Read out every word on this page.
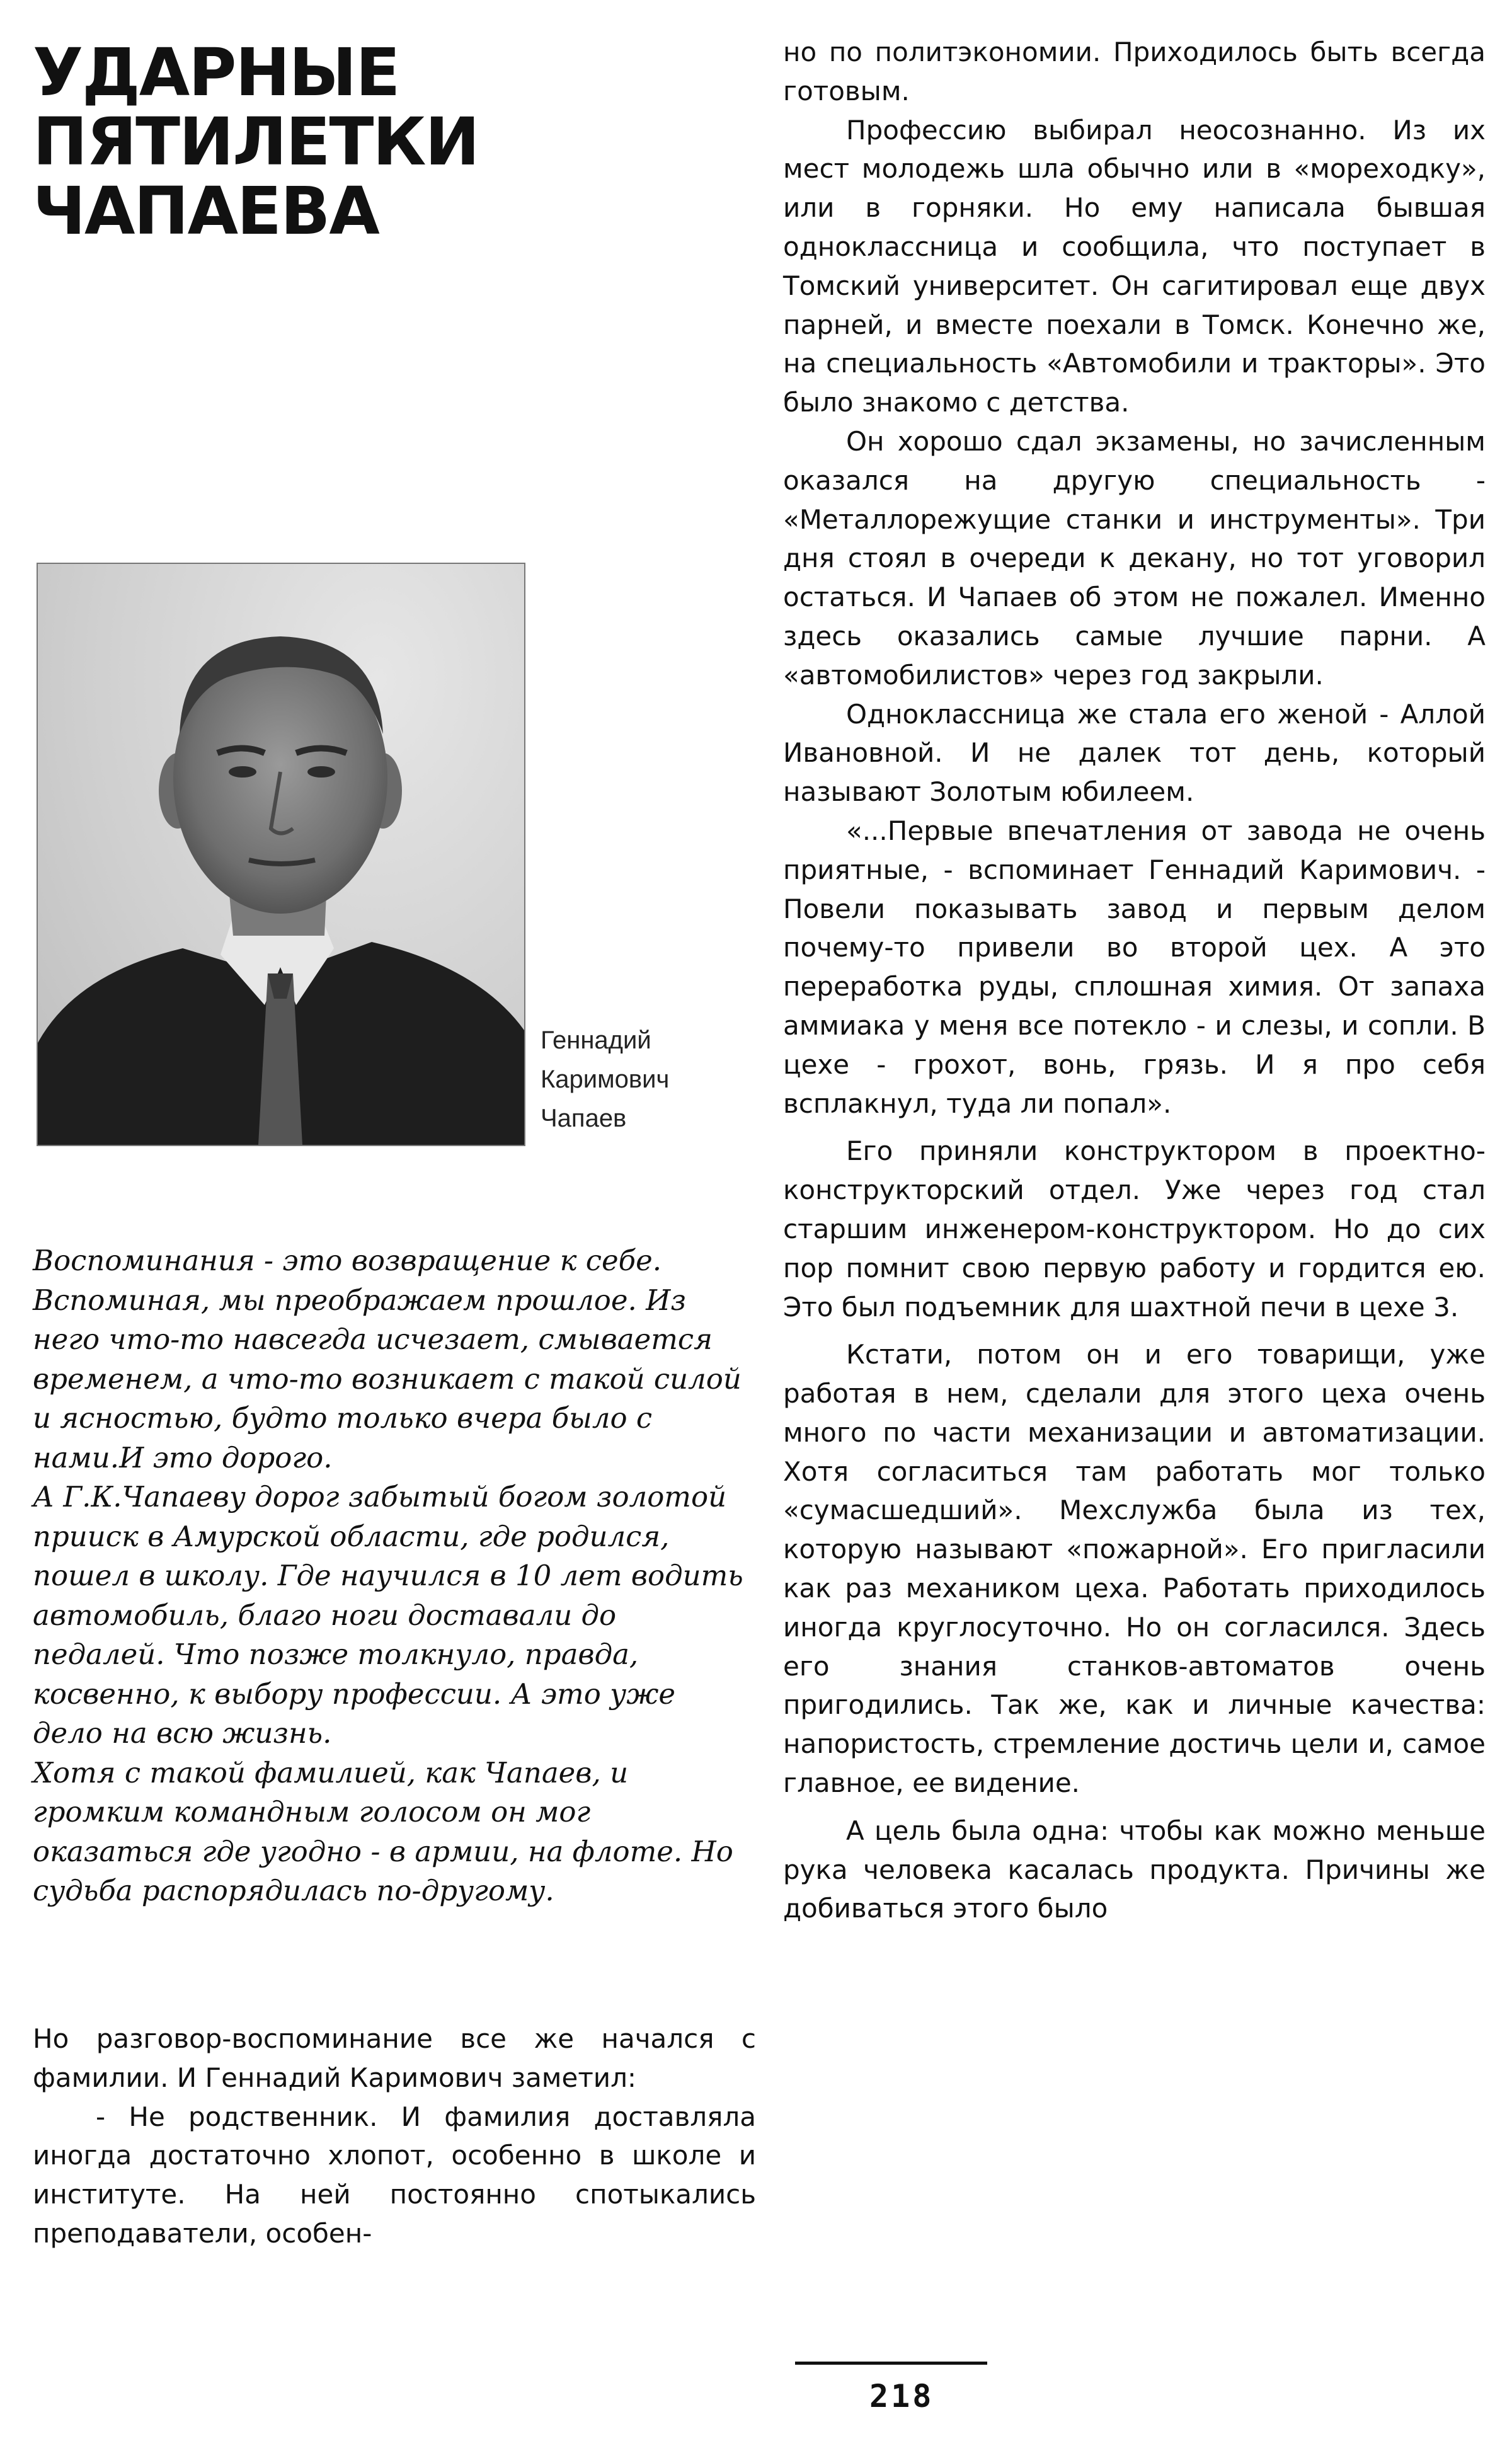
УДАРНЫЕ
ПЯТИЛЕТКИ
ЧАПАЕВА
Геннадий
Каримович
Чапаев

Воспоминания - это возвращение к себе. Вспоминая, мы преображаем прошлое. Из него что-то навсегда исчезает, смывается временем, а что-то возникает с такой силой и ясностью, будто только вчера было с нами.И это дорого.

А Г.К.Чапаеву дорог забытый богом золотой прииск в Амурской области, где родился, пошел в школу. Где научился в 10 лет водить автомобиль, благо ноги доставали до педалей. Что позже толкнуло, правда, косвенно, к выбору профессии. А это уже дело на всю жизнь.

Хотя с такой фамилией, как Чапаев, и громким командным голосом он мог оказаться где угодно - в армии, на флоте. Но судьба распорядилась по-другому.

Но разговор-воспоминание все же начался с фамилии. И Геннадий Каримович заметил:

- Не родственник. И фамилия доставляла иногда достаточно хлопот, особенно в школе и институте. На ней постоянно спотыкались преподаватели, особен-

но по политэкономии. Приходилось быть всегда готовым.

Профессию выбирал неосознанно. Из их мест молодежь шла обычно или в «мореходку», или в горняки. Но ему написала бывшая одноклассница и сообщила, что поступает в Томский университет. Он сагитировал еще двух парней, и вместе поехали в Томск. Конечно же, на специальность «Автомобили и тракторы». Это было знакомо с детства.

Он хорошо сдал экзамены, но зачисленным оказался на другую специальность - «Металлорежущие станки и инструменты». Три дня стоял в очереди к декану, но тот уговорил остаться. И Чапаев об этом не пожалел. Именно здесь оказались самые лучшие парни. А «автомобилистов» через год закрыли.

Одноклассница же стала его женой - Аллой Ивановной. И не далек тот день, который называют Золотым юбилеем.

«...Первые впечатления от завода не очень приятные, - вспоминает Геннадий Каримович. - Повели показывать завод и первым делом почему-то привели во второй цех. А это переработка руды, сплошная химия. От запаха аммиака у меня все потекло - и слезы, и сопли. В цехе - грохот, вонь, грязь. И я про себя всплакнул, туда ли попал».

Его приняли конструктором в проектно-конструкторский отдел. Уже через год стал старшим инженером-конструктором. Но до сих пор помнит свою первую работу и гордится ею. Это был подъемник для шахтной печи в цехе 3.

Кстати, потом он и его товарищи, уже работая в нем, сделали для этого цеха очень много по части механизации и автоматизации. Хотя согласиться там работать мог только «сумасшедший». Мехслужба была из тех, которую называют «пожарной». Его пригласили как раз механиком цеха. Работать приходилось иногда круглосуточно. Но он согласился. Здесь его знания станков-автоматов очень пригодились. Так же, как и личные качества: напористость, стремление достичь цели и, самое главное, ее видение.

А цель была одна: чтобы как можно меньше рука человека касалась продукта. Причины же добиваться этого было

218
